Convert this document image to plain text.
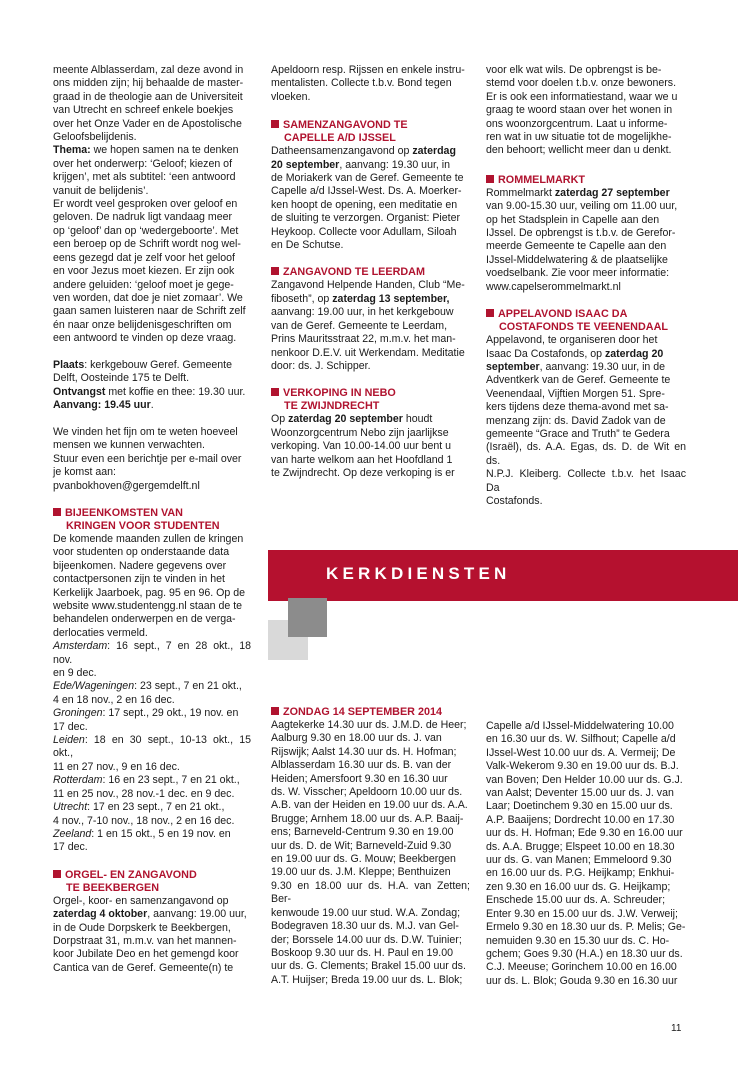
meente Alblasserdam, zal deze avond in

ons midden zijn; hij behaalde de master-

graad in de theologie aan de Universiteit

van Utrecht en schreef enkele boekjes

over het Onze Vader en de Apostolische

Geloofsbelijdenis.

Thema: we hopen samen na te denken

over het onderwerp: ‘Geloof; kiezen of

krijgen’, met als subtitel: ‘een antwoord

vanuit de belijdenis’.

Er wordt veel gesproken over geloof en

geloven. De nadruk ligt vandaag meer

op ‘geloof’ dan op ‘wedergeboorte’. Met

een beroep op de Schrift wordt nog wel-

eens gezegd dat je zelf voor het geloof

en voor Jezus moet kiezen. Er zijn ook

andere geluiden: ‘geloof moet je gege-

ven worden, dat doe je niet zomaar’. We

gaan samen luisteren naar de Schrift zelf

én naar onze belijdenisgeschriften om

een antwoord te vinden op deze vraag.

Plaats: kerkgebouw Geref. Gemeente

Delft, Oosteinde 175 te Delft.

Ontvangst met koffie en thee: 19.30 uur.

Aanvang: 19.45 uur.

We vinden het fijn om te weten hoeveel

mensen we kunnen verwachten.

Stuur even een berichtje per e-mail over

je komst aan:

pvanbokhoven@gergemdelft.nl

BIJEENKOMSTEN VAN
KRINGEN VOOR STUDENTEN

De komende maanden zullen de kringen

voor studenten op onderstaande data

bijeenkomen. Nadere gegevens over

contactpersonen zijn te vinden in het

Kerkelijk Jaarboek, pag. 95 en 96. Op de

website www.studentengg.nl staan de te

behandelen onderwerpen en de verga-

derlocaties vermeld.

Amsterdam: 16 sept., 7 en 28 okt., 18 nov.

en 9 dec.

Ede/Wageningen: 23 sept., 7 en 21 okt.,

4 en 18 nov., 2 en 16 dec.

Groningen: 17 sept., 29 okt., 19 nov. en

17 dec.

Leiden: 18 en 30 sept., 10-13 okt., 15 okt.,

11 en 27 nov., 9 en 16 dec.

Rotterdam: 16 en 23 sept., 7 en 21 okt.,

11 en 25 nov., 28 nov.-1 dec. en 9 dec.

Utrecht: 17 en 23 sept., 7 en 21 okt.,

4 nov., 7-10 nov., 18 nov., 2 en 16 dec.

Zeeland: 1 en 15 okt., 5 en 19 nov. en

17 dec.

ORGEL- EN ZANGAVOND
TE BEEKBERGEN

Orgel-, koor- en samenzangavond op

zaterdag 4 oktober, aanvang: 19.00 uur,

in de Oude Dorpskerk te Beekbergen,

Dorpstraat 31, m.m.v. van het mannen-

koor Jubilate Deo en het gemengd koor

Cantica van de Geref. Gemeente(n) te

Apeldoorn resp. Rijssen en enkele instru-

mentalisten. Collecte t.b.v. Bond tegen

vloeken.

SAMENZANGAVOND TE
CAPELLE A/D IJSSEL

Datheensamenzangavond op zaterdag

20 september, aanvang: 19.30 uur, in

de Moriakerk van de Geref. Gemeente te

Capelle a/d IJssel-West. Ds. A. Moerker-

ken hoopt de opening, een meditatie en

de sluiting te verzorgen. Organist: Pieter

Heykoop. Collecte voor Adullam, Siloah

en De Schutse.

ZANGAVOND TE LEERDAM

Zangavond Helpende Handen, Club “Me-

fiboseth”, op zaterdag 13 september,

aanvang: 19.00 uur, in het kerkgebouw

van de Geref. Gemeente te Leerdam,

Prins Mauritsstraat 22, m.m.v. het man-

nenkoor D.E.V. uit Werkendam. Meditatie

door: ds. J. Schipper.

VERKOPING IN NEBO
TE ZWIJNDRECHT

Op zaterdag 20 september houdt

Woonzorgcentrum Nebo zijn jaarlijkse

verkoping. Van 10.00-14.00 uur bent u

van harte welkom aan het Hoofdland 1

te Zwijndrecht. Op deze verkoping is er

voor elk wat wils. De opbrengst is be-

stemd voor doelen t.b.v. onze bewoners.

Er is ook een informatiestand, waar we u

graag te woord staan over het wonen in

ons woonzorgcentrum. Laat u informe-

ren wat in uw situatie tot de mogelijkhe-

den behoort; wellicht meer dan u denkt.

ROMMELMARKT

Rommelmarkt zaterdag 27 september

van 9.00-15.30 uur, veiling om 11.00 uur,

op het Stadsplein in Capelle aan den

IJssel. De opbrengst is t.b.v. de Gerefor-

meerde Gemeente te Capelle aan den

IJssel-Middelwatering & de plaatselijke

voedselbank. Zie voor meer informatie:

www.capelserommelmarkt.nl

APPELAVOND ISAAC DA
COSTAFONDS TE VEENENDAAL

Appelavond, te organiseren door het

Isaac Da Costafonds, op zaterdag 20

september, aanvang: 19.30 uur, in de

Adventkerk van de Geref. Gemeente te

Veenendaal, Vijftien Morgen 51. Spre-

kers tijdens deze thema-avond met sa-

menzang zijn: ds. David Zadok van de

gemeente “Grace and Truth” te Gedera

(Israël), ds. A.A. Egas, ds. D. de Wit en ds.

N.P.J. Kleiberg. Collecte t.b.v. het Isaac Da

Costafonds.

KERKDIENSTEN
ZONDAG 14 SEPTEMBER 2014

Aagtekerke 14.30 uur ds. J.M.D. de Heer;

Aalburg 9.30 en 18.00 uur ds. J. van

Rijswijk; Aalst 14.30 uur ds. H. Hofman;

Alblasserdam 16.30 uur ds. B. van der

Heiden; Amersfoort 9.30 en 16.30 uur

ds. W. Visscher; Apeldoorn 10.00 uur ds.

A.B. van der Heiden en 19.00 uur ds. A.A.

Brugge; Arnhem 18.00 uur ds. A.P. Baaij-

ens; Barneveld-Centrum 9.30 en 19.00

uur ds. D. de Wit; Barneveld-Zuid 9.30

en 19.00 uur ds. G. Mouw; Beekbergen

19.00 uur ds. J.M. Kleppe; Benthuizen

9.30 en 18.00 uur ds. H.A. van Zetten; Ber-

kenwoude 19.00 uur stud. W.A. Zondag;

Bodegraven 18.30 uur ds. M.J. van Gel-

der; Borssele 14.00 uur ds. D.W. Tuinier;

Boskoop 9.30 uur ds. H. Paul en 19.00

uur ds. G. Clements; Brakel 15.00 uur ds.

A.T. Huijser; Breda 19.00 uur ds. L. Blok;

Capelle a/d IJssel-Middelwatering 10.00

en 16.30 uur ds. W. Silfhout; Capelle a/d

IJssel-West 10.00 uur ds. A. Vermeij; De

Valk-Wekerom 9.30 en 19.00 uur ds. B.J.

van Boven; Den Helder 10.00 uur ds. G.J.

van Aalst; Deventer 15.00 uur ds. J. van

Laar; Doetinchem 9.30 en 15.00 uur ds.

A.P. Baaijens; Dordrecht 10.00 en 17.30

uur ds. H. Hofman; Ede 9.30 en 16.00 uur

ds. A.A. Brugge; Elspeet 10.00 en 18.30

uur ds. G. van Manen; Emmeloord 9.30

en 16.00 uur ds. P.G. Heijkamp; Enkhui-

zen 9.30 en 16.00 uur ds. G. Heijkamp;

Enschede 15.00 uur ds. A. Schreuder;

Enter 9.30 en 15.00 uur ds. J.W. Verweij;

Ermelo 9.30 en 18.30 uur ds. P. Melis; Ge-

nemuiden 9.30 en 15.30 uur ds. C. Ho-

gchem; Goes 9.30 (H.A.) en 18.30 uur ds.

C.J. Meeuse; Gorinchem 10.00 en 16.00

uur ds. L. Blok; Gouda 9.30 en 16.30 uur

11
